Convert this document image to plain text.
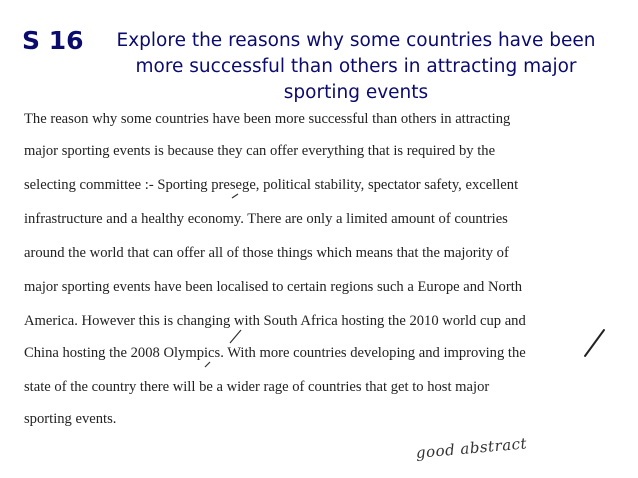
S 16	Explore the reasons why some countries have been more successful than others in attracting major sporting events
The reason why some countries have been more successful than others in attracting
major sporting events is because they can offer everything that is required by the
selecting committee :- Sporting presege, political stability, spectator safety, excellent
infrastructure and a healthy economy. There are only a limited amount of countries
around the world that can offer all of those things which means that the majority of
major sporting events have been localised to certain regions such a Europe and North
America. However this is changing with South Africa hosting the 2010 world cup and
China hosting the 2008 Olympics. With more countries developing and improving the
state of the country there will be a wider rage of countries that get to host major
sporting events.
good abstract
